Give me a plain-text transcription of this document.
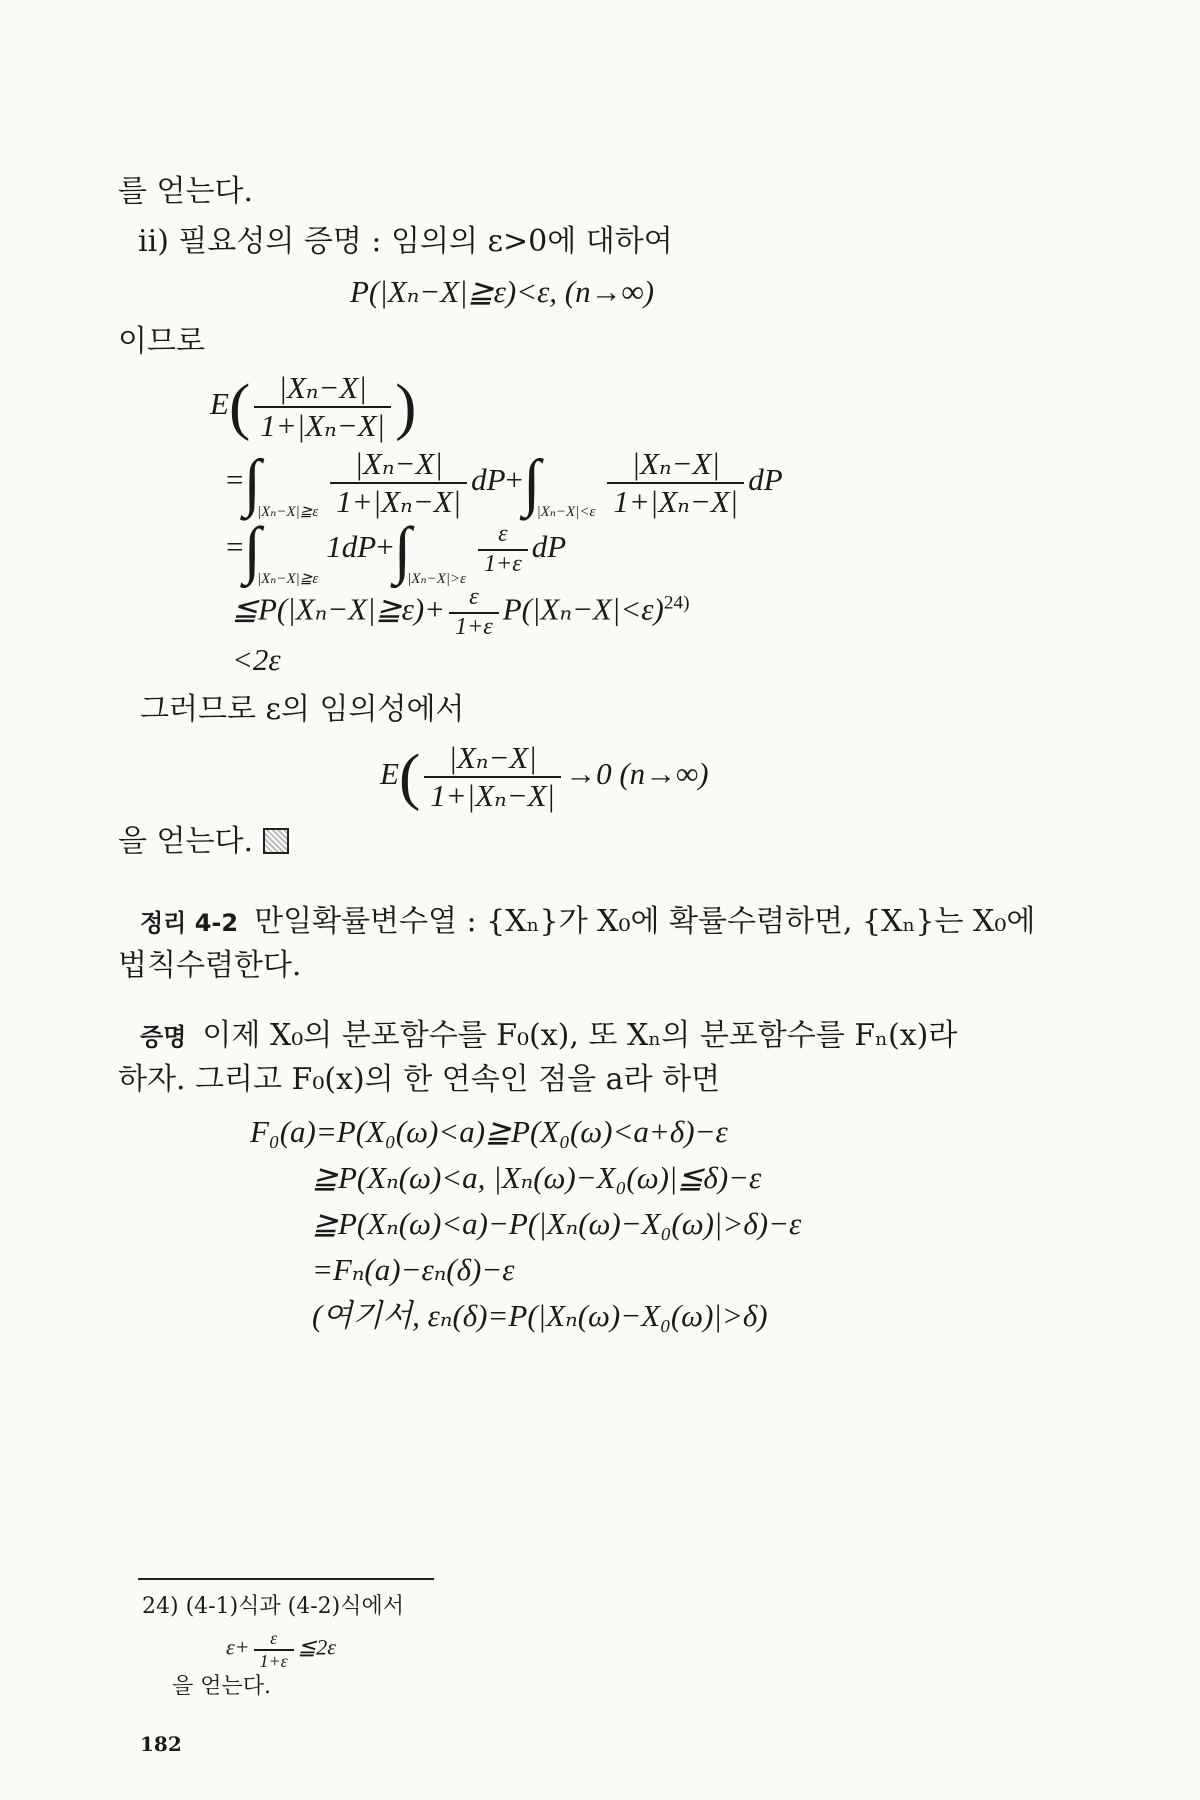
를 얻는다.
ii) 필요성의 증명 : 임의의 ε>0에 대하여
P(|Xₙ−X|≧ε)<ε, (n→∞)
이므로
$E( \frac{\text{|Xₙ−X|}}{\text{1+|Xₙ−X|}}$ )
$=\int_{|X_n-X|≧\varepsilon} \frac{\text{|Xₙ−X|}}{\text{1+|Xₙ−X|}} dP+\int_{|X_n-X|<\varepsilon} \frac{\text{|Xₙ−X|}}{\text{1+|Xₙ−X|}}$ dP
$=\int_{|X_n-X|≧\varepsilon}1dP+\int_{|X_n-X|>\varepsilon}$
$\frac{\varepsilon}{1+\varepsilon}$ dP
≦P(|Xₙ−X|≧ε)+ $\frac{\varepsilon}{1+\varepsilon} P(|X_n-X|<\varepsilon)^{24)}$
<2ε
그러므로 ε의 임의성에서
$E( \frac{\text{|Xₙ−X|}}{\text{1+|Xₙ−X|}} \to 0$ (n→∞)
을 얻는다.
정리 4-2 만일확률변수열 : {Xₙ}가 X₀에 확률수렴하면, {Xₙ}는 X₀에
법칙수렴한다.
증명 이제 X₀의 분포함수를 F₀(x), 또 Xₙ의 분포함수를 Fₙ(x)라
하자. 그리고 F₀(x)의 한 연속인 점을 a라 하면
F₀(a)=P(X₀(ω)<a)≧P(X₀(ω)<a+δ)−ε
≧P(Xₙ(ω)<a, |Xₙ(ω)−X₀(ω)|≦δ)−ε
≧P(Xₙ(ω)<a)−P(|Xₙ(ω)−X₀(ω)|>δ)−ε
=Fₙ(a)−εₙ(δ)−ε
(여기서, εₙ(δ)=P(|Xₙ(ω)−X₀(ω)|>δ)
24) (4-1)식과 (4-2)식에서
$\varepsilon+ \frac{\varepsilon}{1+\varepsilon}$ ≦2ε
을 얻는다.
182
